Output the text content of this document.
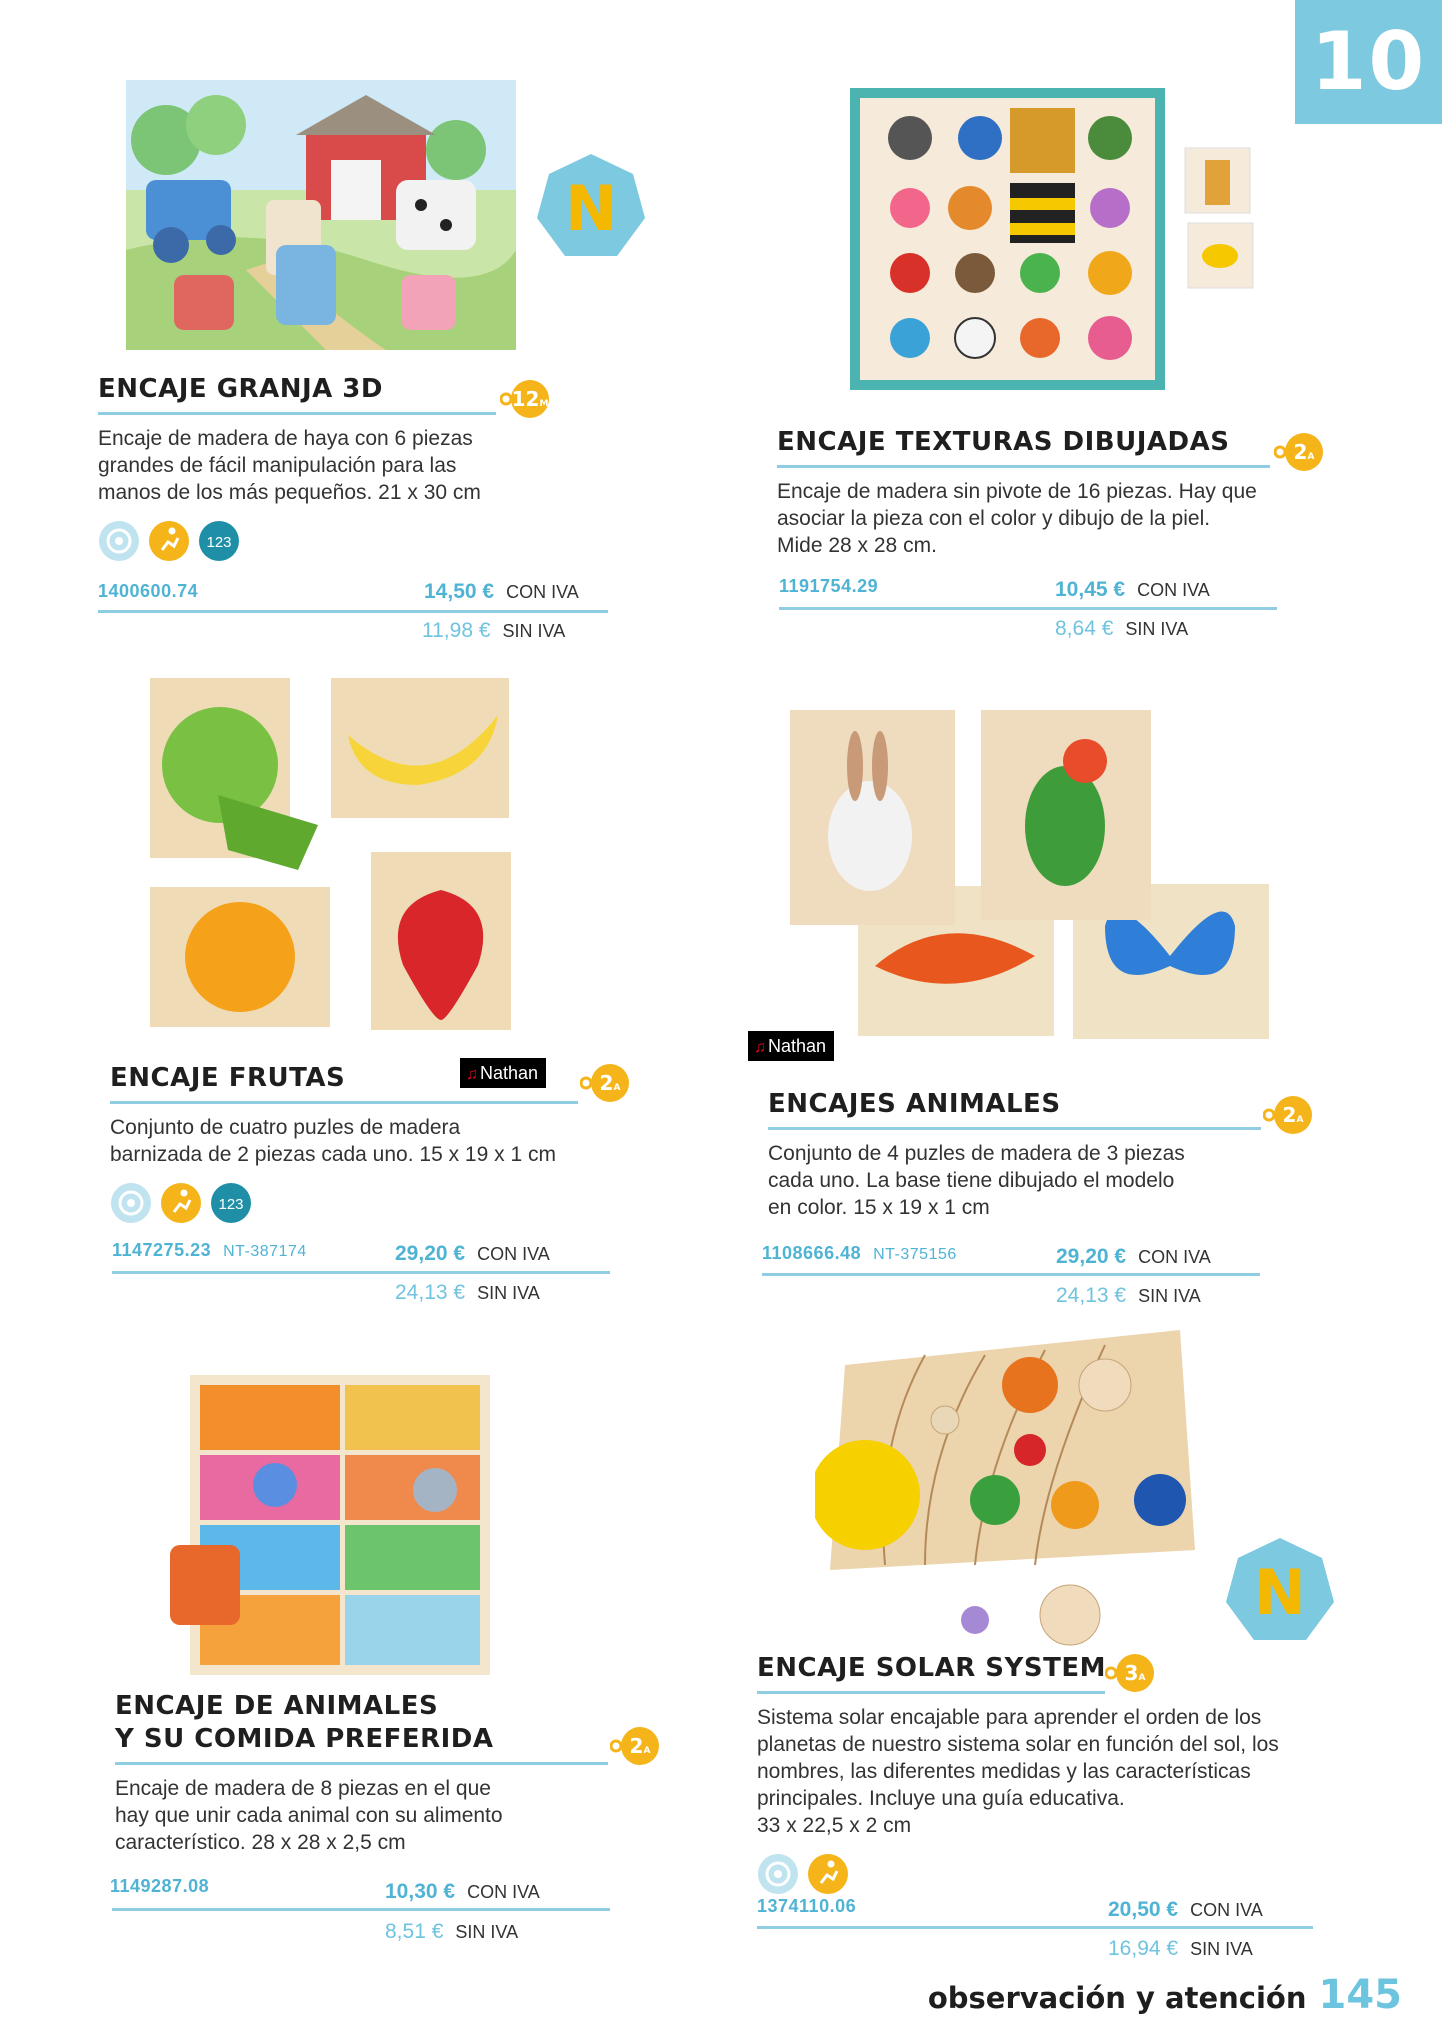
10
N
ENCAJE GRANJA 3D
Encaje de madera de haya con 6 piezas
grandes de fácil manipulación para las
manos de los más pequeños. 21 x 30 cm
123
12M
1400600.74	14,50 € CON IVA
11,98 € SIN IVA
ENCAJE TEXTURAS DIBUJADAS
Encaje de madera sin pivote de 16 piezas. Hay que
asociar la pieza con el color y dibujo de la piel.
Mide 28 x 28 cm.
2A
1191754.29	10,45 € CON IVA
8,64 € SIN IVA
♫ Nathan
ENCAJE FRUTAS
Conjunto de cuatro puzles de madera
barnizada de 2 piezas cada uno. 15 x 19 x 1 cm
123
2A
1147275.23 NT-387174	29,20 € CON IVA
24,13 € SIN IVA
♫ Nathan
ENCAJES ANIMALES
Conjunto de 4 puzles de madera de 3 piezas
cada uno. La base tiene dibujado el modelo
en color. 15 x 19 x 1 cm
2A
1108666.48 NT-375156	29,20 € CON IVA
24,13 € SIN IVA
ENCAJE DE ANIMALES
Y SU COMIDA PREFERIDA
Encaje de madera de 8 piezas en el que
hay que unir cada animal con su alimento
característico. 28 x 28 x 2,5 cm
2A
1149287.08	10,30 € CON IVA
8,51 € SIN IVA
N
ENCAJE SOLAR SYSTEM
Sistema solar encajable para aprender el orden de los
planetas de nuestro sistema solar en función del sol, los
nombres, las diferentes medidas y las características
principales. Incluye una guía educativa.
33 x 22,5 x 2 cm
3A
1374110.06	20,50 € CON IVA
16,94 € SIN IVA
observación y atención 145
